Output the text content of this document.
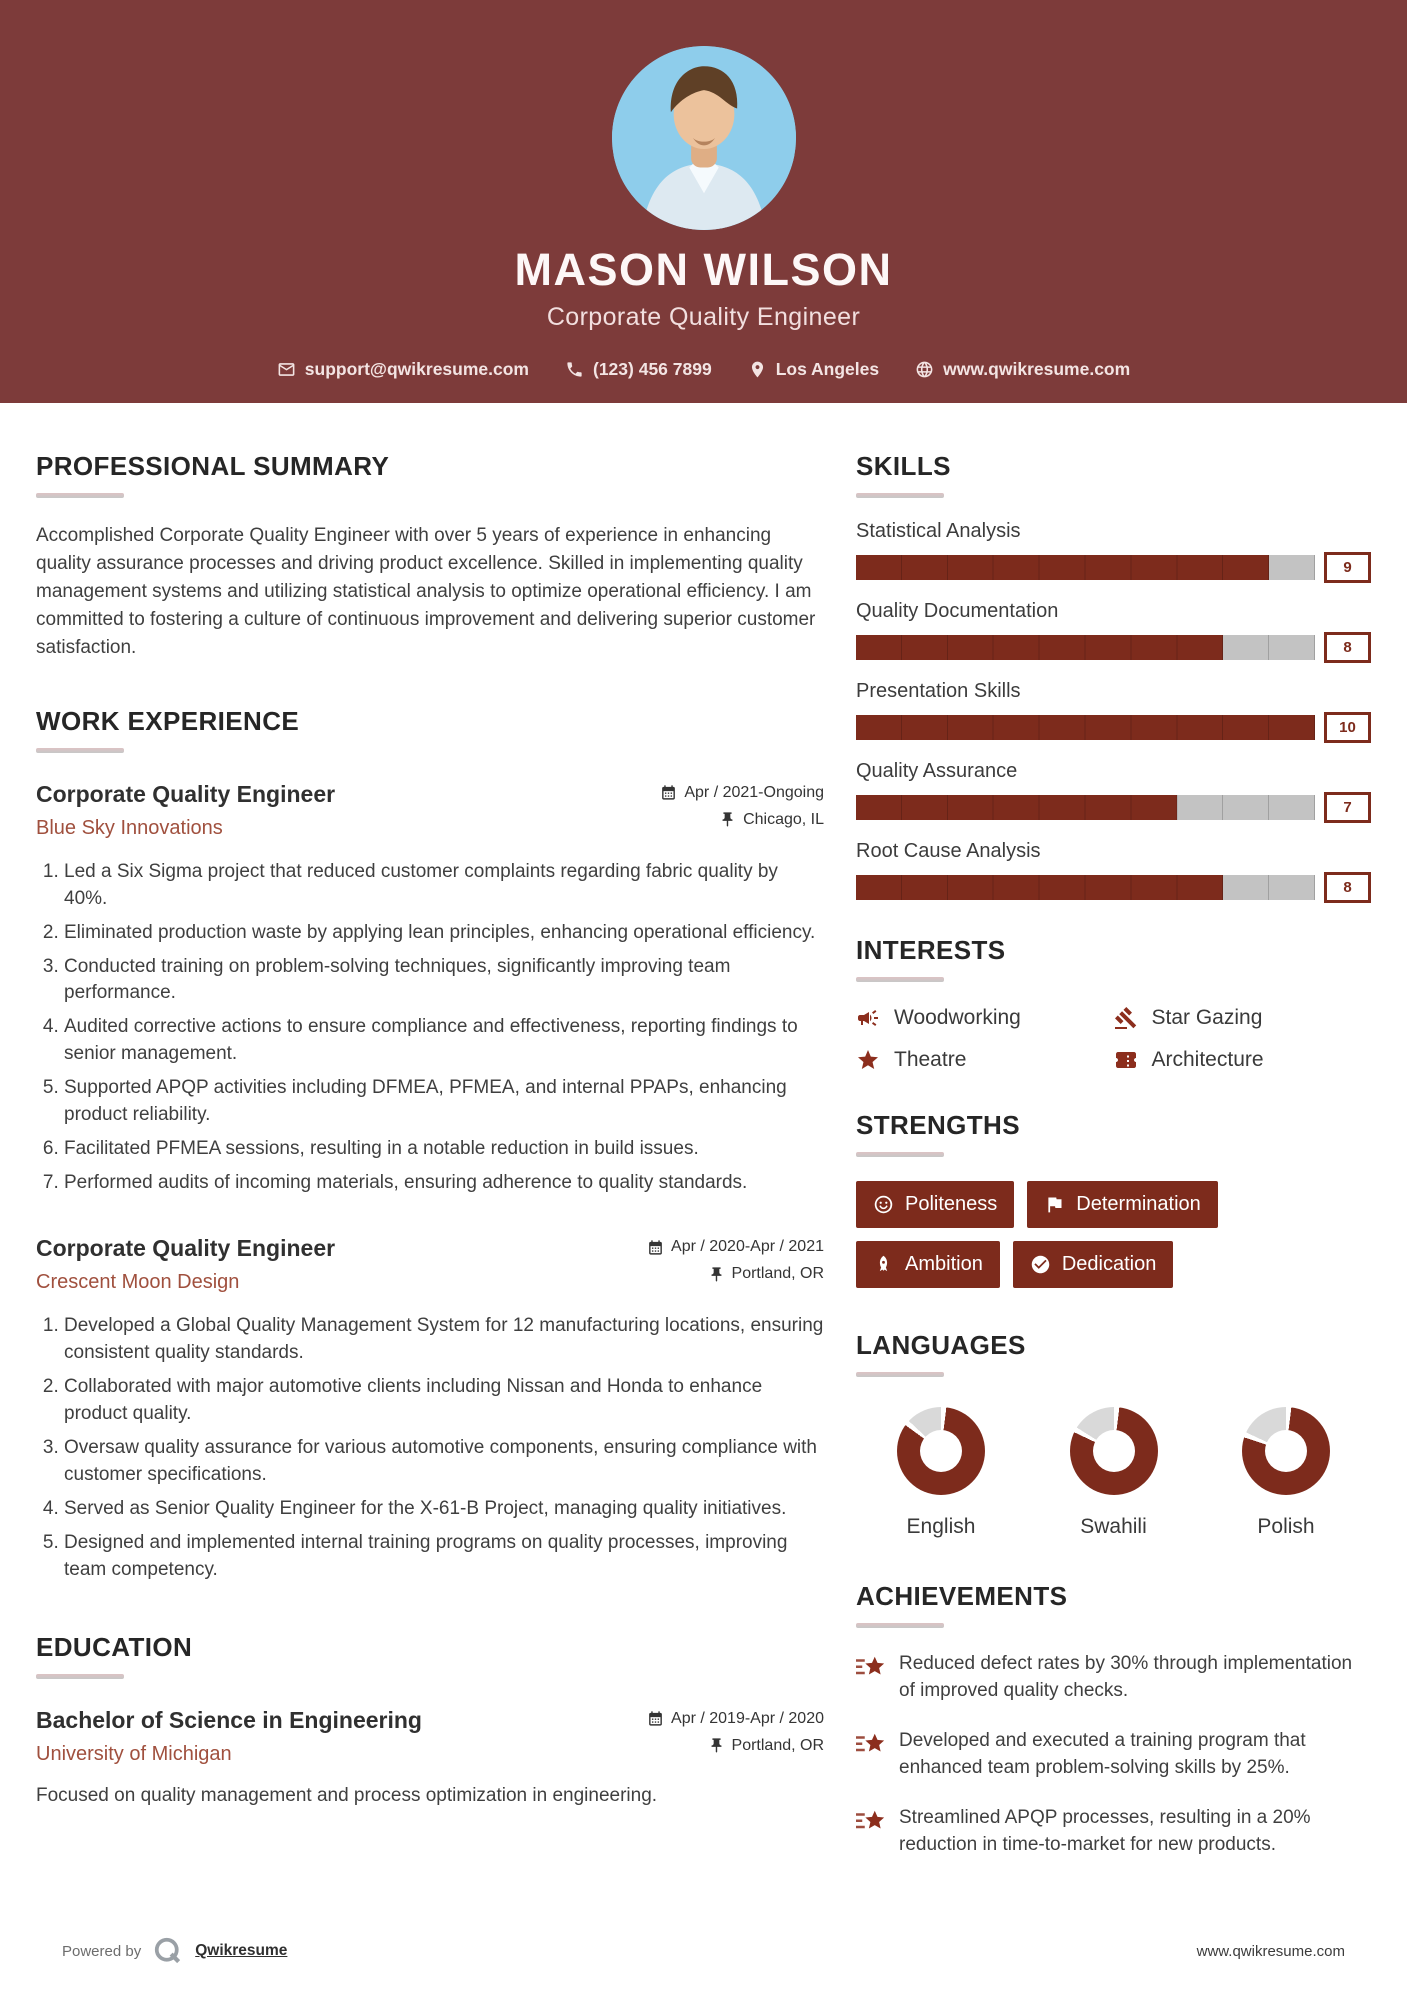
MASON WILSON
Corporate Quality Engineer
support@qwikresume.com	(123) 456 7899	Los Angeles	www.qwikresume.com
PROFESSIONAL SUMMARY

Accomplished Corporate Quality Engineer with over 5 years of experience in enhancing quality assurance processes and driving product excellence. Skilled in implementing quality management systems and utilizing statistical analysis to optimize operational efficiency. I am committed to fostering a culture of continuous improvement and delivering superior customer satisfaction.

WORK EXPERIENCE
Corporate Quality Engineer
Blue Sky Innovations
Apr / 2021-Ongoing
Chicago, IL
1. Led a Six Sigma project that reduced customer complaints regarding fabric quality by 40%.
2. Eliminated production waste by applying lean principles, enhancing operational efficiency.
3. Conducted training on problem-solving techniques, significantly improving team performance.
4. Audited corrective actions to ensure compliance and effectiveness, reporting findings to senior management.
5. Supported APQP activities including DFMEA, PFMEA, and internal PPAPs, enhancing product reliability.
6. Facilitated PFMEA sessions, resulting in a notable reduction in build issues.
7. Performed audits of incoming materials, ensuring adherence to quality standards.
Corporate Quality Engineer
Crescent Moon Design
Apr / 2020-Apr / 2021
Portland, OR
1. Developed a Global Quality Management System for 12 manufacturing locations, ensuring consistent quality standards.
2. Collaborated with major automotive clients including Nissan and Honda to enhance product quality.
3. Oversaw quality assurance for various automotive components, ensuring compliance with customer specifications.
4. Served as Senior Quality Engineer for the X-61-B Project, managing quality initiatives.
5. Designed and implemented internal training programs on quality processes, improving team competency.
EDUCATION
Bachelor of Science in Engineering
University of Michigan
Apr / 2019-Apr / 2020
Portland, OR

Focused on quality management and process optimization in engineering.

SKILLS
Statistical Analysis
9
Quality Documentation
8
Presentation Skills
10
Quality Assurance
7
Root Cause Analysis
8
INTERESTS
Woodworking	Star Gazing
Theatre	Architecture
STRENGTHS
Politeness	Determination
Ambition	Dedication
LANGUAGES
English	Swahili	Polish
ACHIEVEMENTS
Reduced defect rates by 30% through implementation of improved quality checks.
Developed and executed a training program that enhanced team problem-solving skills by 25%.
Streamlined APQP processes, resulting in a 20% reduction in time-to-market for new products.
Powered by	Qwikresume	www.qwikresume.com
